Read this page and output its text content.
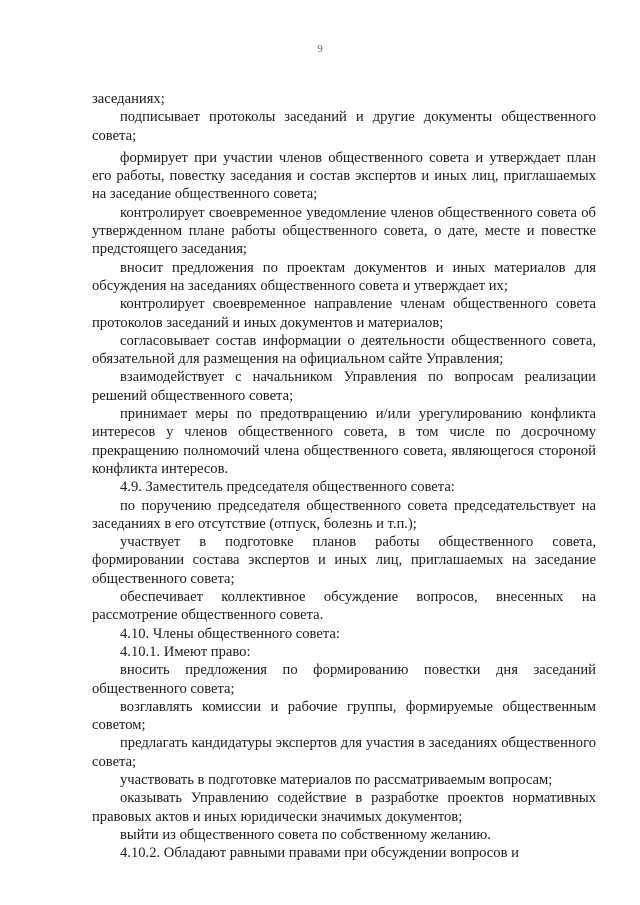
9

заседаниях;

подписывает протоколы заседаний и другие документы общественного совета;

формирует при участии членов общественного совета и утверждает план его работы, повестку заседания и состав экспертов и иных лиц, приглашаемых на заседание общественного совета;

контролирует своевременное уведомление членов общественного совета об утвержденном плане работы общественного совета, о дате, месте и повестке предстоящего заседания;

вносит предложения по проектам документов и иных материалов для обсуждения на заседаниях общественного совета и утверждает их;

контролирует своевременное направление членам общественного совета протоколов заседаний и иных документов и материалов;

согласовывает состав информации о деятельности общественного совета, обязательной для размещения на официальном сайте Управления;

взаимодействует с начальником Управления по вопросам реализации решений общественного совета;

принимает меры по предотвращению и/или урегулированию конфликта интересов у членов общественного совета, в том числе по досрочному прекращению полномочий члена общественного совета, являющегося стороной конфликта интересов.

4.9. Заместитель председателя общественного совета:

по поручению председателя общественного совета председательствует на заседаниях в его отсутствие (отпуск, болезнь и т.п.);

участвует в подготовке планов работы общественного совета, формировании состава экспертов и иных лиц, приглашаемых на заседание общественного совета;

обеспечивает коллективное обсуждение вопросов, внесенных на рассмотрение общественного совета.

4.10. Члены общественного совета:

4.10.1. Имеют право:

вносить предложения по формированию повестки дня заседаний общественного совета;

возглавлять комиссии и рабочие группы, формируемые общественным советом;

предлагать кандидатуры экспертов для участия в заседаниях общественного совета;

участвовать в подготовке материалов по рассматриваемым вопросам;

оказывать Управлению содействие в разработке проектов нормативных правовых актов и иных юридически значимых документов;

выйти из общественного совета по собственному желанию.

4.10.2. Обладают равными правами при обсуждении вопросов и
